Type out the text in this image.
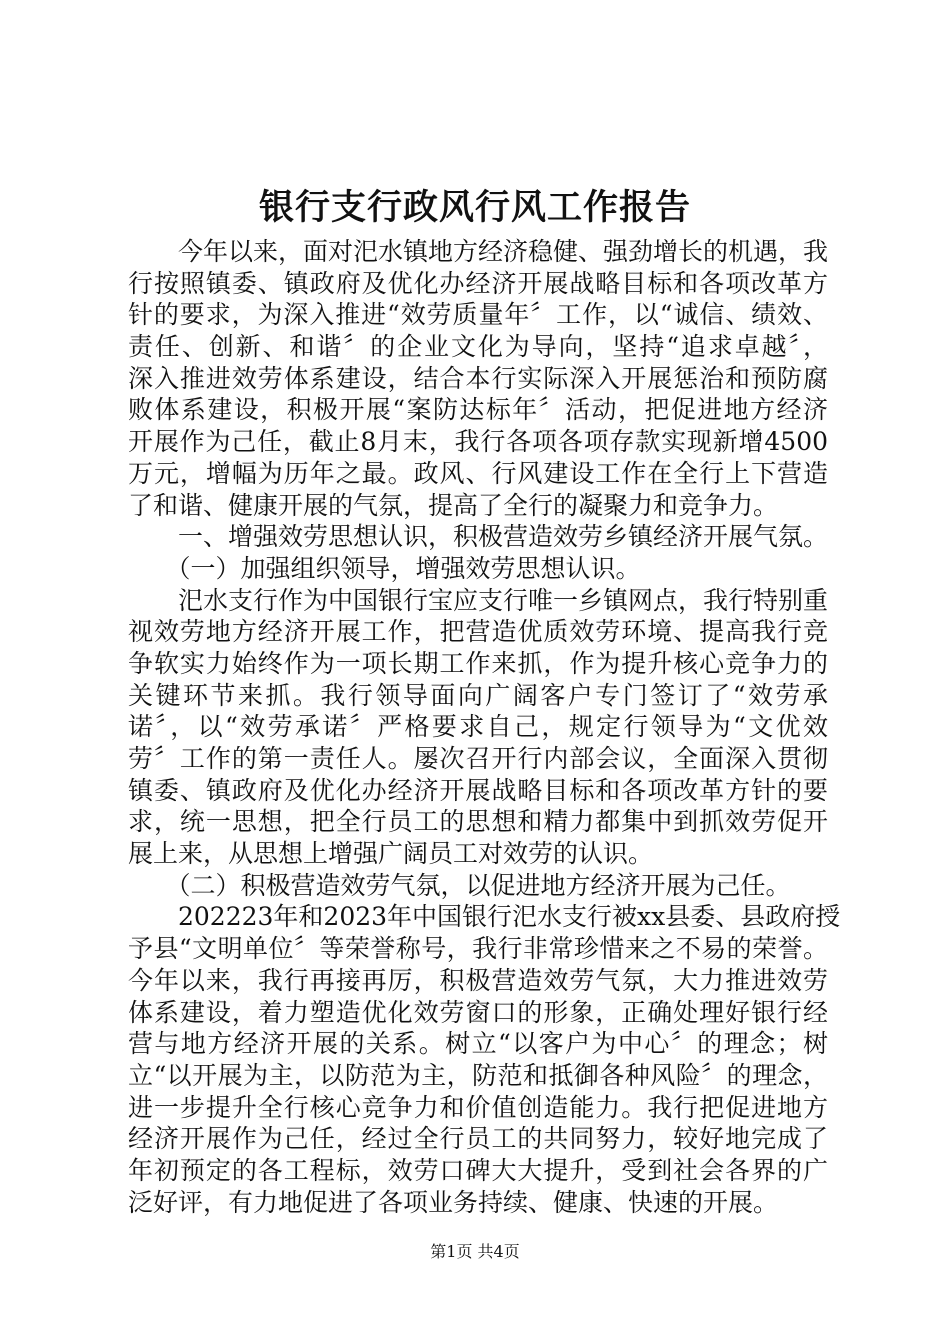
银行支行政风行风工作报告
　　今年以来，面对汜水镇地方经济稳健、强劲增长的机遇，我
行按照镇委、镇政府及优化办经济开展战略目标和各项改革方
针的要求，为深入推进“效劳质量年〞工作，以“诚信、绩效、
责任、创新、和谐〞的企业文化为导向，坚持“追求卓越〞，
深入推进效劳体系建设，结合本行实际深入开展惩治和预防腐
败体系建设，积极开展“案防达标年〞活动，把促进地方经济
开展作为己任，截止8月末，我行各项各项存款实现新增4500
万元，增幅为历年之最。政风、行风建设工作在全行上下营造
了和谐、健康开展的气氛，提高了全行的凝聚力和竞争力。
　　一、增强效劳思想认识，积极营造效劳乡镇经济开展气氛。
　　（一）加强组织领导，增强效劳思想认识。
　　汜水支行作为中国银行宝应支行唯一乡镇网点，我行特别重
视效劳地方经济开展工作，把营造优质效劳环境、提高我行竞
争软实力始终作为一项长期工作来抓，作为提升核心竞争力的
关键环节来抓。我行领导面向广阔客户专门签订了“效劳承
诺〞，以“效劳承诺〞严格要求自己，规定行领导为“文优效
劳〞工作的第一责任人。屡次召开行内部会议，全面深入贯彻
镇委、镇政府及优化办经济开展战略目标和各项改革方针的要
求，统一思想，把全行员工的思想和精力都集中到抓效劳促开
展上来，从思想上增强广阔员工对效劳的认识。
　　（二）积极营造效劳气氛，以促进地方经济开展为己任。
　　202223年和2023年中国银行汜水支行被xx县委、县政府授
予县“文明单位〞等荣誉称号，我行非常珍惜来之不易的荣誉。
今年以来，我行再接再厉，积极营造效劳气氛，大力推进效劳
体系建设，着力塑造优化效劳窗口的形象，正确处理好银行经
营与地方经济开展的关系。树立“以客户为中心〞的理念；树
立“以开展为主，以防范为主，防范和抵御各种风险〞的理念，
进一步提升全行核心竞争力和价值创造能力。我行把促进地方
经济开展作为己任，经过全行员工的共同努力，较好地完成了
年初预定的各工程标，效劳口碑大大提升，受到社会各界的广
泛好评，有力地促进了各项业务持续、健康、快速的开展。
第1页 共4页
